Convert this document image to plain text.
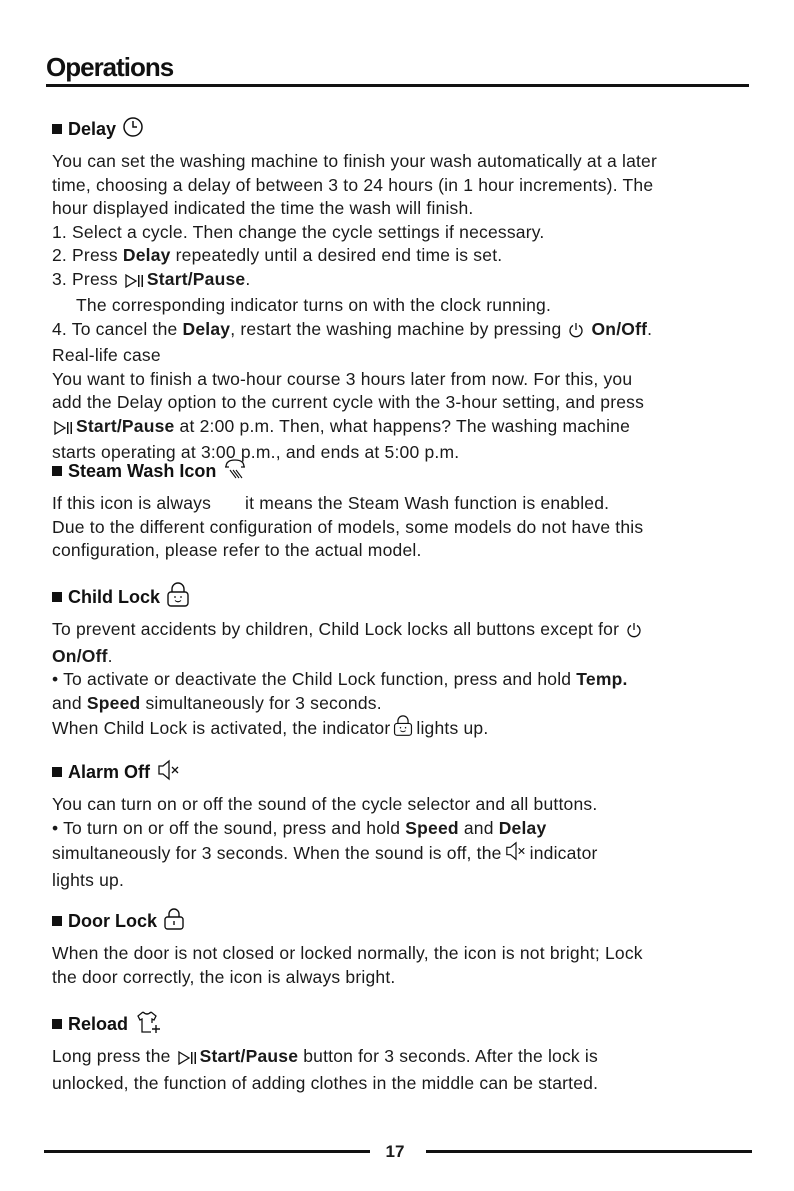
Operations
Delay
You can set the washing machine to finish your wash automatically at a later
time, choosing a delay of between 3 to 24 hours (in 1 hour increments). The
hour displayed indicated the time the wash will finish.
1. Select a cycle. Then change the cycle settings if necessary.
2. Press Delay repeatedly until a desired end time is set.
3. Press Start/Pause.
The corresponding indicator turns on with the clock running.
4. To cancel the Delay, restart the washing machine by pressing  On/Off.
Real-life case
You want to finish a two-hour course 3 hours later from now. For this, you
add the Delay option to the current cycle with the 3-hour setting, and press
Start/Pause at 2:00 p.m. Then, what happens? The washing machine
starts operating at 3:00 p.m., and ends at 5:00 p.m.
Steam Wash Icon
If this icon is always it means the Steam Wash function is enabled.
Due to the different configuration of models, some models do not have this
configuration, please refer to the actual model.
Child Lock
To prevent accidents by children, Child Lock locks all buttons except for
On/Off.
• To activate or deactivate the Child Lock function, press and hold Temp.
and Speed simultaneously for 3 seconds.
When Child Lock is activated, the indicator lights up.
Alarm Off
You can turn on or off the sound of the cycle selector and all buttons.
• To turn on or off the sound, press and hold Speed and Delay
simultaneously for 3 seconds. When the sound is off, the indicator
lights up.
Door Lock
When the door is not closed or locked normally, the icon is not bright; Lock
the door correctly, the icon is always bright.
Reload
Long press the Start/Pause button for 3 seconds. After the lock is
unlocked, the function of adding clothes in the middle can be started.
17
